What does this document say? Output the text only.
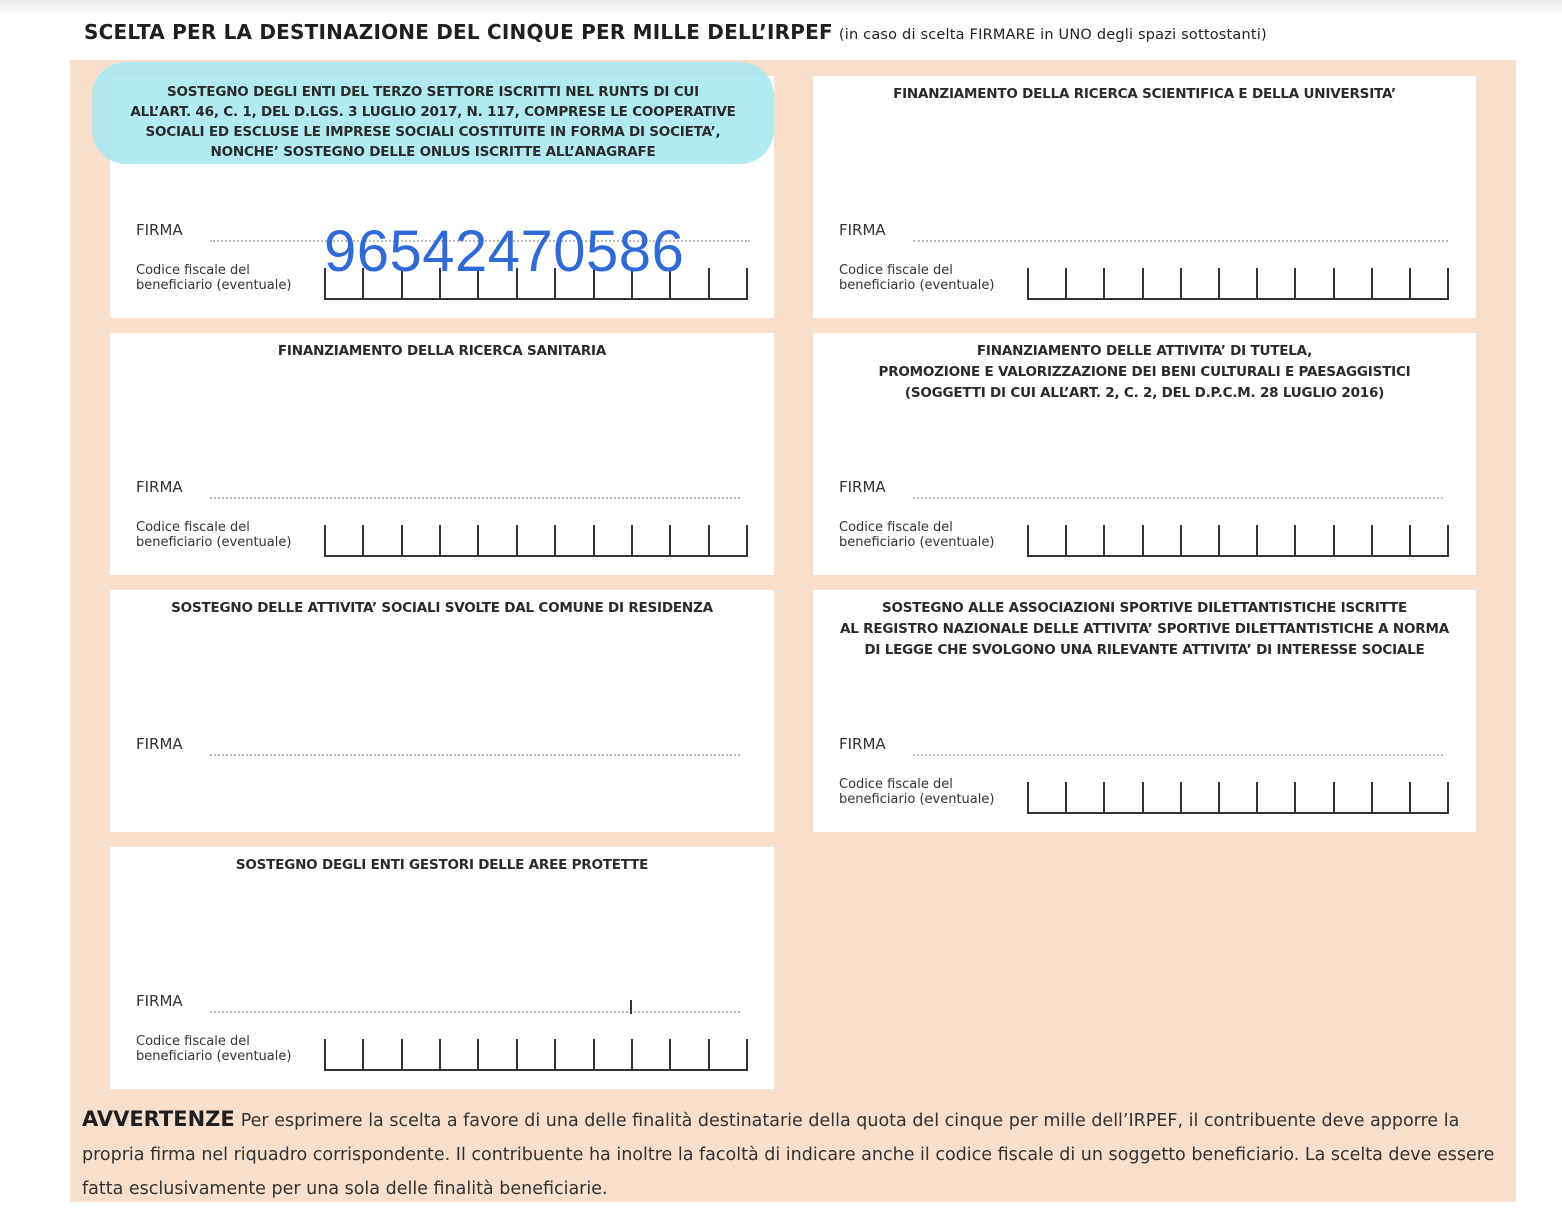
SCELTA PER LA DESTINAZIONE DEL CINQUE PER MILLE DELL’IRPEF (in caso di scelta FIRMARE in UNO degli spazi sottostanti)
FIRMA
Codice fiscale del
beneficiario (eventuale)
SOSTEGNO DEGLI ENTI DEL TERZO SETTORE ISCRITTI NEL RUNTS DI CUI
ALL’ART. 46, C. 1, DEL D.LGS. 3 LUGLIO 2017, N. 117, COMPRESE LE COOPERATIVE
SOCIALI ED ESCLUSE LE IMPRESE SOCIALI COSTITUITE IN FORMA DI SOCIETA’,
NONCHE’ SOSTEGNO DELLE ONLUS ISCRITTE ALL’ANAGRAFE
96542470586
FINANZIAMENTO DELLA RICERCA SCIENTIFICA E DELLA UNIVERSITA’
FIRMA
Codice fiscale del
beneficiario (eventuale)
FINANZIAMENTO DELLA RICERCA SANITARIA
FIRMA
Codice fiscale del
beneficiario (eventuale)
FINANZIAMENTO DELLE ATTIVITA’ DI TUTELA,
PROMOZIONE E VALORIZZAZIONE DEI BENI CULTURALI E PAESAGGISTICI
(SOGGETTI DI CUI ALL’ART. 2, C. 2, DEL D.P.C.M. 28 LUGLIO 2016)
FIRMA
Codice fiscale del
beneficiario (eventuale)
SOSTEGNO DELLE ATTIVITA’ SOCIALI SVOLTE DAL COMUNE DI RESIDENZA
FIRMA
SOSTEGNO ALLE ASSOCIAZIONI SPORTIVE DILETTANTISTICHE ISCRITTE
AL REGISTRO NAZIONALE DELLE ATTIVITA’ SPORTIVE DILETTANTISTICHE A NORMA
DI LEGGE CHE SVOLGONO UNA RILEVANTE ATTIVITA’ DI INTERESSE SOCIALE
FIRMA
Codice fiscale del
beneficiario (eventuale)
SOSTEGNO DEGLI ENTI GESTORI DELLE AREE PROTETTE
FIRMA
Codice fiscale del
beneficiario (eventuale)
AVVERTENZE Per esprimere la scelta a favore di una delle finalità destinatarie della quota del cinque per mille dell’IRPEF, il contribuente deve apporre la propria firma nel riquadro corrispondente. Il contribuente ha inoltre la facoltà di indicare anche il codice fiscale di un soggetto beneficiario. La scelta deve essere fatta esclusivamente per una sola delle finalità beneficiarie.
